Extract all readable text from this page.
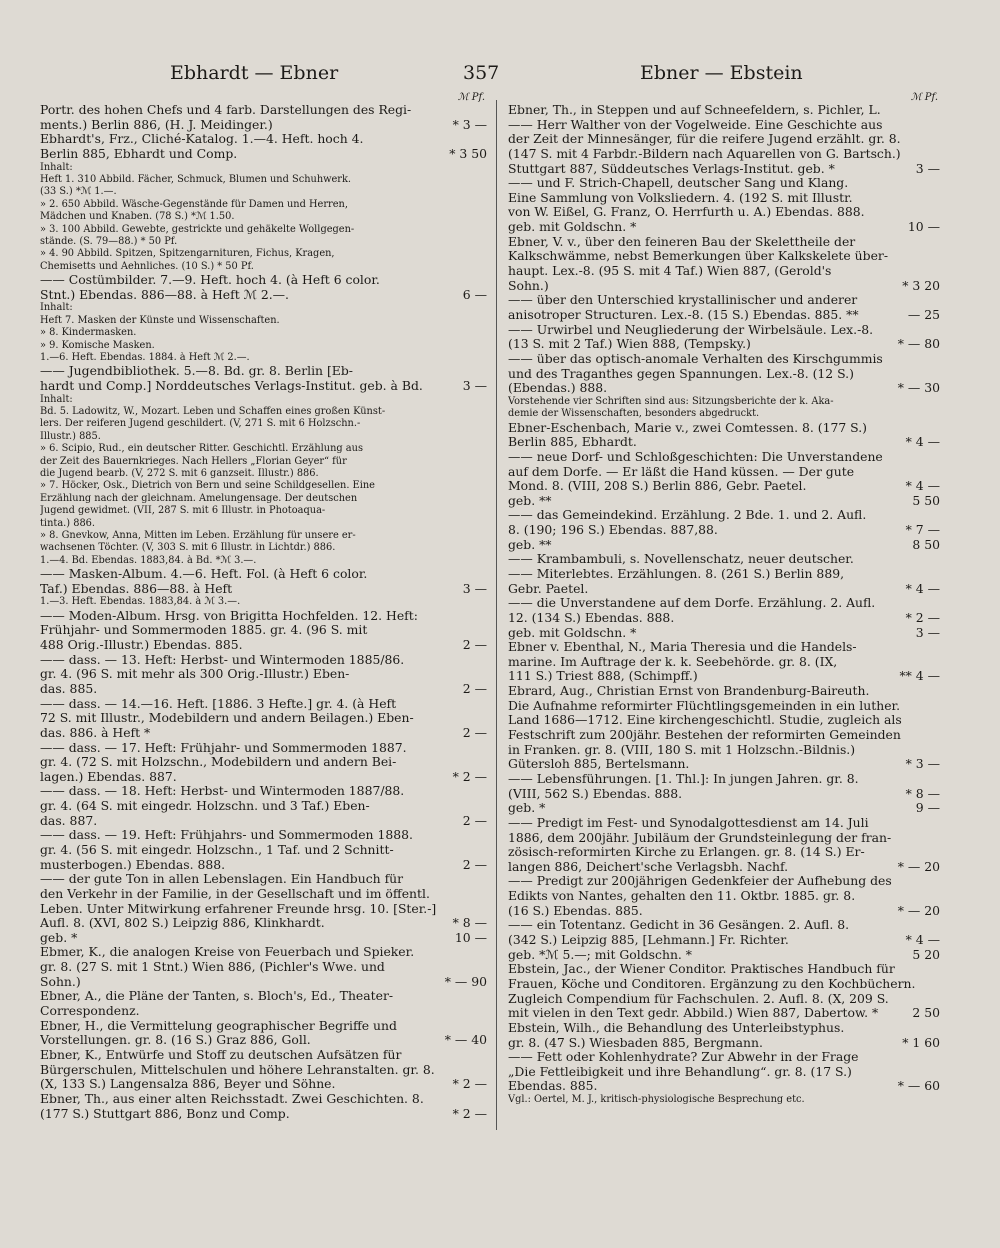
Ebhardt — Ebner	357	Ebner — Ebstein
ℳ Pf.
Portr. des hohen Chefs und 4 farb. Darstellungen des Regi-
ments.) Berlin 886, (H. J. Meidinger.)	* 3 —
Ebhardt's, Frz., Cliché-Katalog. 1.—4. Heft. hoch 4.
Berlin 885, Ebhardt und Comp.	* 3 50
Inhalt:
Heft 1. 310 Abbild. Fächer, Schmuck, Blumen und Schuhwerk.
(33 S.) *ℳ 1.—.
» 2. 650 Abbild. Wäsche-Gegenstände für Damen und Herren,
Mädchen und Knaben. (78 S.) *ℳ 1.50.
» 3. 100 Abbild. Gewebte, gestrickte und gehäkelte Wollgegen-
stände. (S. 79—88.) * 50 Pf.
» 4. 90 Abbild. Spitzen, Spitzengarnituren, Fichus, Kragen,
Chemisetts und Aehnliches. (10 S.) * 50 Pf.
—— Costümbilder. 7.—9. Heft. hoch 4. (à Heft 6 color.
Stnt.) Ebendas. 886—88. à Heft ℳ 2.—.	6 —
Inhalt:
Heft 7. Masken der Künste und Wissenschaften.
» 8. Kindermasken.
» 9. Komische Masken.
1.—6. Heft. Ebendas. 1884. à Heft ℳ 2.—.
—— Jugendbibliothek. 5.—8. Bd. gr. 8. Berlin [Eb-
hardt und Comp.] Norddeutsches Verlags-Institut. geb. à Bd.	3 —
Inhalt:
Bd. 5. Ladowitz, W., Mozart. Leben und Schaffen eines großen Künst-
lers. Der reiferen Jugend geschildert. (V, 271 S. mit 6 Holzschn.-
Illustr.) 885.
» 6. Scipio, Rud., ein deutscher Ritter. Geschichtl. Erzählung aus
der Zeit des Bauernkrieges. Nach Hellers „Florian Geyer“ für
die Jugend bearb. (V, 272 S. mit 6 ganzseit. Illustr.) 886.
» 7. Höcker, Osk., Dietrich von Bern und seine Schildgesellen. Eine
Erzählung nach der gleichnam. Amelungensage. Der deutschen
Jugend gewidmet. (VII, 287 S. mit 6 Illustr. in Photoaqua-
tinta.) 886.
» 8. Gnevkow, Anna, Mitten im Leben. Erzählung für unsere er-
wachsenen Töchter. (V, 303 S. mit 6 Illustr. in Lichtdr.) 886.
1.—4. Bd. Ebendas. 1883,84. à Bd. *ℳ 3.—.
—— Masken-Album. 4.—6. Heft. Fol. (à Heft 6 color.
Taf.) Ebendas. 886—88. à Heft	3 —
1.—3. Heft. Ebendas. 1883,84. à ℳ 3.—.
—— Moden-Album. Hrsg. von Brigitta Hochfelden. 12. Heft:
Frühjahr- und Sommermoden 1885. gr. 4. (96 S. mit
488 Orig.-Illustr.) Ebendas. 885.	2 —
—— dass. — 13. Heft: Herbst- und Wintermoden 1885/86.
gr. 4. (96 S. mit mehr als 300 Orig.-Illustr.) Eben-
das. 885.	2 —
—— dass. — 14.—16. Heft. [1886. 3 Hefte.] gr. 4. (à Heft
72 S. mit Illustr., Modebildern und andern Beilagen.) Eben-
das. 886. à Heft *	2 —
—— dass. — 17. Heft: Frühjahr- und Sommermoden 1887.
gr. 4. (72 S. mit Holzschn., Modebildern und andern Bei-
lagen.) Ebendas. 887.	* 2 —
—— dass. — 18. Heft: Herbst- und Wintermoden 1887/88.
gr. 4. (64 S. mit eingedr. Holzschn. und 3 Taf.) Eben-
das. 887.	2 —
—— dass. — 19. Heft: Frühjahrs- und Sommermoden 1888.
gr. 4. (56 S. mit eingedr. Holzschn., 1 Taf. und 2 Schnitt-
musterbogen.) Ebendas. 888.	2 —
—— der gute Ton in allen Lebenslagen. Ein Handbuch für
den Verkehr in der Familie, in der Gesellschaft und im öffentl.
Leben. Unter Mitwirkung erfahrener Freunde hrsg. 10. [Ster.-]
Aufl. 8. (XVI, 802 S.) Leipzig 886, Klinkhardt.	* 8 —
geb. *	10 —
Ebmer, K., die analogen Kreise von Feuerbach und Spieker.
gr. 8. (27 S. mit 1 Stnt.) Wien 886, (Pichler's Wwe. und
Sohn.)	* — 90
Ebner, A., die Pläne der Tanten, s. Bloch's, Ed., Theater-
Correspondenz.
Ebner, H., die Vermittelung geographischer Begriffe und
Vorstellungen. gr. 8. (16 S.) Graz 886, Goll.	* — 40
Ebner, K., Entwürfe und Stoff zu deutschen Aufsätzen für
Bürgerschulen, Mittelschulen und höhere Lehranstalten. gr. 8.
(X, 133 S.) Langensalza 886, Beyer und Söhne.	* 2 —
Ebner, Th., aus einer alten Reichsstadt. Zwei Geschichten. 8.
(177 S.) Stuttgart 886, Bonz und Comp.	* 2 —
ℳ Pf.
Ebner, Th., in Steppen und auf Schneefeldern, s. Pichler, L.
—— Herr Walther von der Vogelweide. Eine Geschichte aus
der Zeit der Minnesänger, für die reifere Jugend erzählt. gr. 8.
(147 S. mit 4 Farbdr.-Bildern nach Aquarellen von G. Bartsch.)
Stuttgart 887, Süddeutsches Verlags-Institut. geb. *	3 —
—— und F. Strich-Chapell, deutscher Sang und Klang.
Eine Sammlung von Volksliedern. 4. (192 S. mit Illustr.
von W. Eißel, G. Franz, O. Herrfurth u. A.) Ebendas. 888.
geb. mit Goldschn. *	10 —
Ebner, V. v., über den feineren Bau der Skelettheile der
Kalkschwämme, nebst Bemerkungen über Kalkskelete über-
haupt. Lex.-8. (95 S. mit 4 Taf.) Wien 887, (Gerold's
Sohn.)	* 3 20
—— über den Unterschied krystallinischer und anderer
anisotroper Structuren. Lex.-8. (15 S.) Ebendas. 885. **	— 25
—— Urwirbel und Neugliederung der Wirbelsäule. Lex.-8.
(13 S. mit 2 Taf.) Wien 888, (Tempsky.)	* — 80
—— über das optisch-anomale Verhalten des Kirschgummis
und des Traganthes gegen Spannungen. Lex.-8. (12 S.)
(Ebendas.) 888.	* — 30
Vorstehende vier Schriften sind aus: Sitzungsberichte der k. Aka-
demie der Wissenschaften, besonders abgedruckt.
Ebner-Eschenbach, Marie v., zwei Comtessen. 8. (177 S.)
Berlin 885, Ebhardt.	* 4 —
—— neue Dorf- und Schloßgeschichten: Die Unverstandene
auf dem Dorfe. — Er läßt die Hand küssen. — Der gute
Mond. 8. (VIII, 208 S.) Berlin 886, Gebr. Paetel.	* 4 —
geb. **	5 50
—— das Gemeindekind. Erzählung. 2 Bde. 1. und 2. Aufl.
8. (190; 196 S.) Ebendas. 887,88.	* 7 —
geb. **	8 50
—— Krambambuli, s. Novellenschatz, neuer deutscher.
—— Miterlebtes. Erzählungen. 8. (261 S.) Berlin 889,
Gebr. Paetel.	* 4 —
—— die Unverstandene auf dem Dorfe. Erzählung. 2. Aufl.
12. (134 S.) Ebendas. 888.	* 2 —
geb. mit Goldschn. *	3 —
Ebner v. Ebenthal, N., Maria Theresia und die Handels-
marine. Im Auftrage der k. k. Seebehörde. gr. 8. (IX,
111 S.) Triest 888, (Schimpff.)	** 4 —
Ebrard, Aug., Christian Ernst von Brandenburg-Baireuth.
Die Aufnahme reformirter Flüchtlingsgemeinden in ein luther.
Land 1686—1712. Eine kirchengeschichtl. Studie, zugleich als
Festschrift zum 200jähr. Bestehen der reformirten Gemeinden
in Franken. gr. 8. (VIII, 180 S. mit 1 Holzschn.-Bildnis.)
Gütersloh 885, Bertelsmann.	* 3 —
—— Lebensführungen. [1. Thl.]: In jungen Jahren. gr. 8.
(VIII, 562 S.) Ebendas. 888.	* 8 —
geb. *	9 —
—— Predigt im Fest- und Synodalgottesdienst am 14. Juli
1886, dem 200jähr. Jubiläum der Grundsteinlegung der fran-
zösisch-reformirten Kirche zu Erlangen. gr. 8. (14 S.) Er-
langen 886, Deichert'sche Verlagsbh. Nachf.	* — 20
—— Predigt zur 200jährigen Gedenkfeier der Aufhebung des
Edikts von Nantes, gehalten den 11. Oktbr. 1885. gr. 8.
(16 S.) Ebendas. 885.	* — 20
—— ein Totentanz. Gedicht in 36 Gesängen. 2. Aufl. 8.
(342 S.) Leipzig 885, [Lehmann.] Fr. Richter.	* 4 —
geb. *ℳ 5.—; mit Goldschn. *	5 20
Ebstein, Jac., der Wiener Conditor. Praktisches Handbuch für
Frauen, Köche und Conditoren. Ergänzung zu den Kochbüchern.
Zugleich Compendium für Fachschulen. 2. Aufl. 8. (X, 209 S.
mit vielen in den Text gedr. Abbild.) Wien 887, Dabertow. *	2 50
Ebstein, Wilh., die Behandlung des Unterleibstyphus.
gr. 8. (47 S.) Wiesbaden 885, Bergmann.	* 1 60
—— Fett oder Kohlenhydrate? Zur Abwehr in der Frage
„Die Fettleibigkeit und ihre Behandlung“. gr. 8. (17 S.)
Ebendas. 885.	* — 60
Vgl.: Oertel, M. J., kritisch-physiologische Besprechung etc.
